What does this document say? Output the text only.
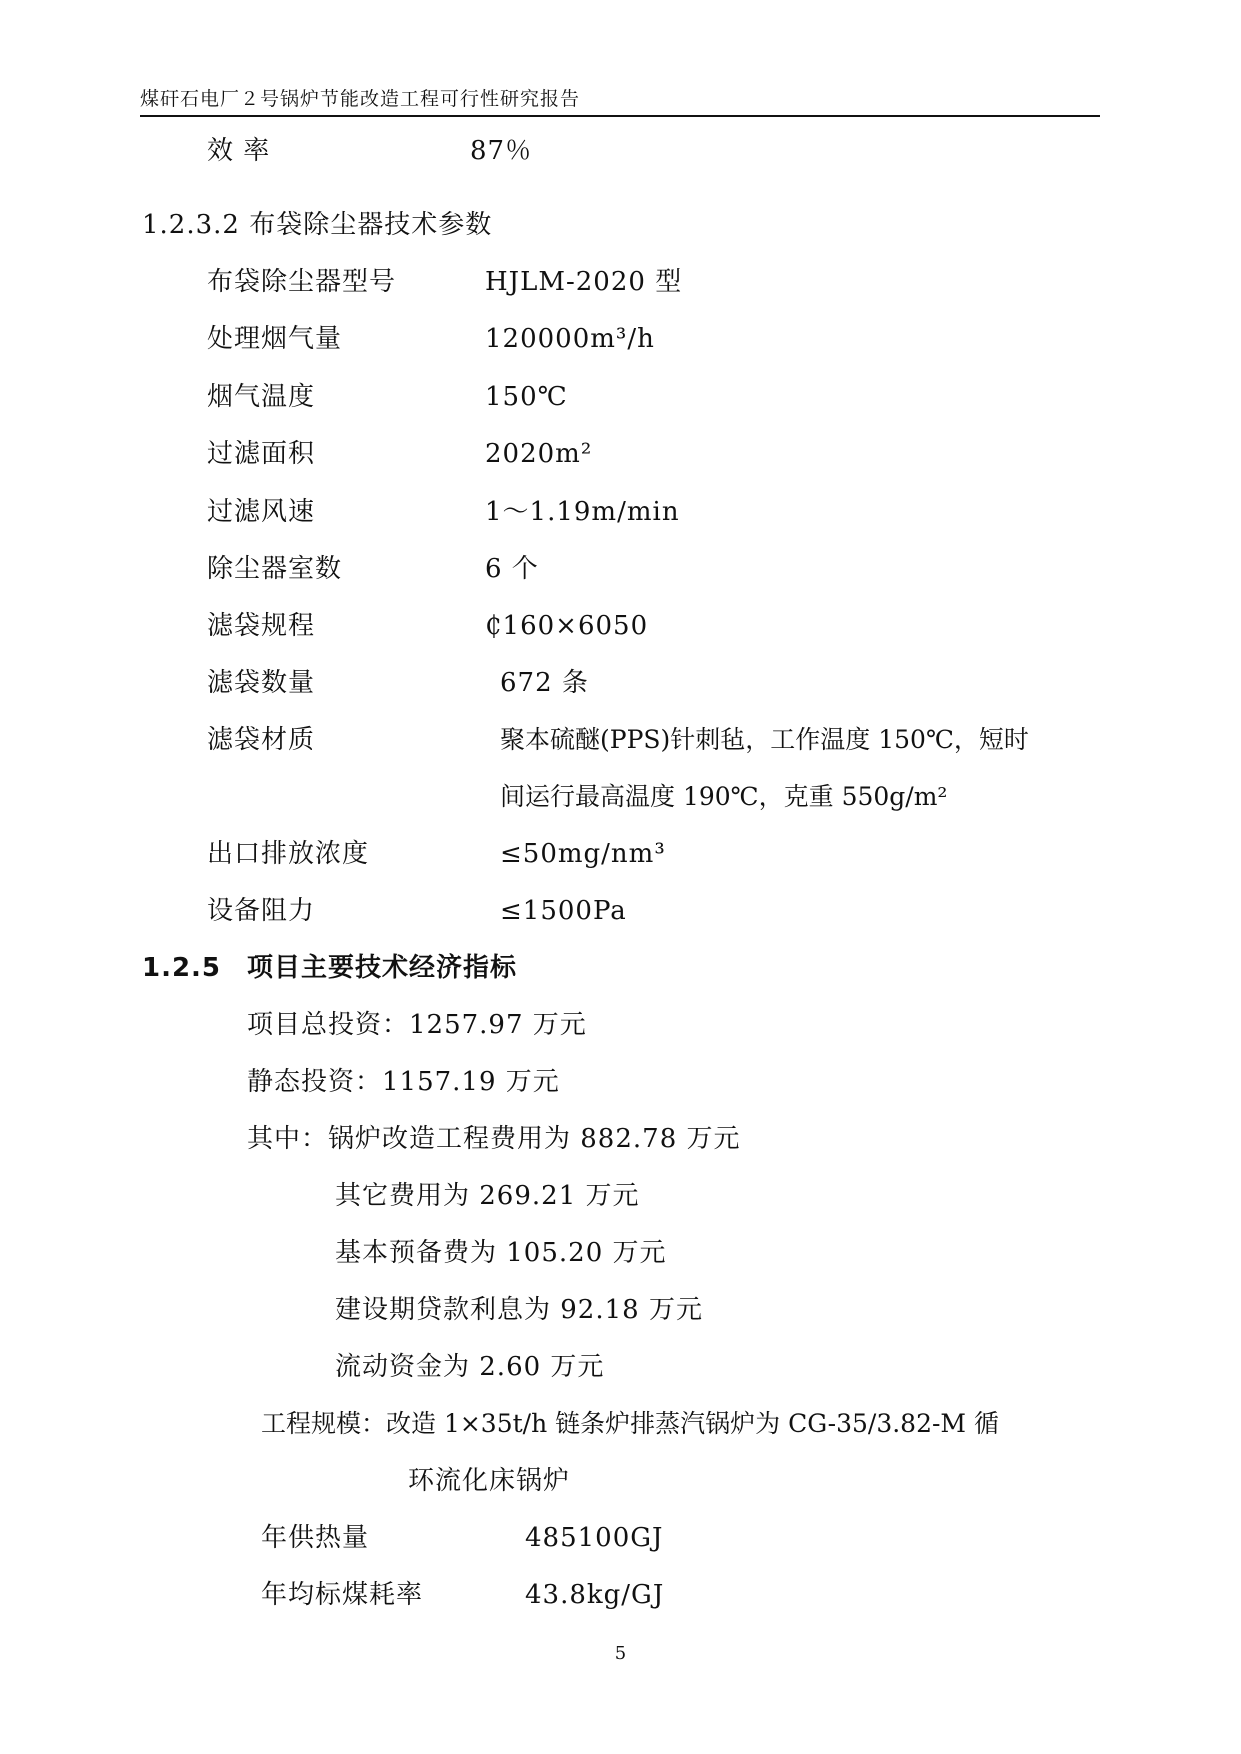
煤矸石电厂２号锅炉节能改造工程可行性研究报告
效 率	87％
1.2.3.2 布袋除尘器技术参数
布袋除尘器型号	HJLM-2020 型
处理烟气量	120000m³/h
烟气温度	150℃
过滤面积	2020m²
过滤风速	1～1.19m/min
除尘器室数	6 个
滤袋规程	₵160×6050
滤袋数量	672 条
滤袋材质	聚本硫醚(PPS)针刺毡，工作温度 150℃，短时
间运行最高温度 190℃，克重 550g/m²
出口排放浓度	≤50mg/nm³
设备阻力	≤1500Pa
1.2.5 项目主要技术经济指标
项目总投资：1257.97 万元
静态投资：1157.19 万元
其中：锅炉改造工程费用为 882.78 万元
其它费用为 269.21 万元
基本预备费为 105.20 万元
建设期贷款利息为 92.18 万元
流动资金为 2.60 万元
工程规模：改造 1×35t/h 链条炉排蒸汽锅炉为 CG-35/3.82-M 循
环流化床锅炉
年供热量	485100GJ
年均标煤耗率	43.8kg/GJ
5
